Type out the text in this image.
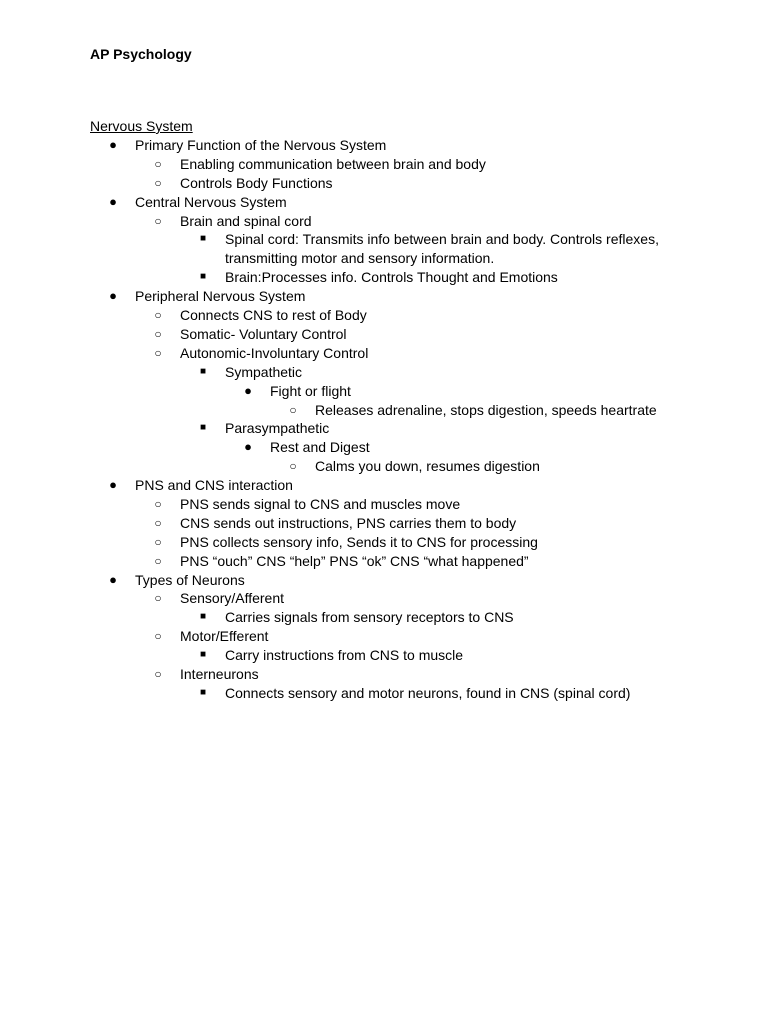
AP Psychology
Nervous System
● Primary Function of the Nervous System
○ Enabling communication between brain and body
○ Controls Body Functions
● Central Nervous System
○ Brain and spinal cord
■ Spinal cord: Transmits info between brain and body. Controls reflexes,
transmitting motor and sensory information.
■ Brain:Processes info. Controls Thought and Emotions
● Peripheral Nervous System
○ Connects CNS to rest of Body
○ Somatic- Voluntary Control
○ Autonomic-Involuntary Control
■ Sympathetic
● Fight or flight
○ Releases adrenaline, stops digestion, speeds heartrate
■ Parasympathetic
● Rest and Digest
○ Calms you down, resumes digestion
● PNS and CNS interaction
○ PNS sends signal to CNS and muscles move
○ CNS sends out instructions, PNS carries them to body
○ PNS collects sensory info, Sends it to CNS for processing
○ PNS “ouch” CNS “help” PNS “ok” CNS “what happened”
● Types of Neurons
○ Sensory/Afferent
■ Carries signals from sensory receptors to CNS
○ Motor/Efferent
■ Carry instructions from CNS to muscle
○ Interneurons
■ Connects sensory and motor neurons, found in CNS (spinal cord)
